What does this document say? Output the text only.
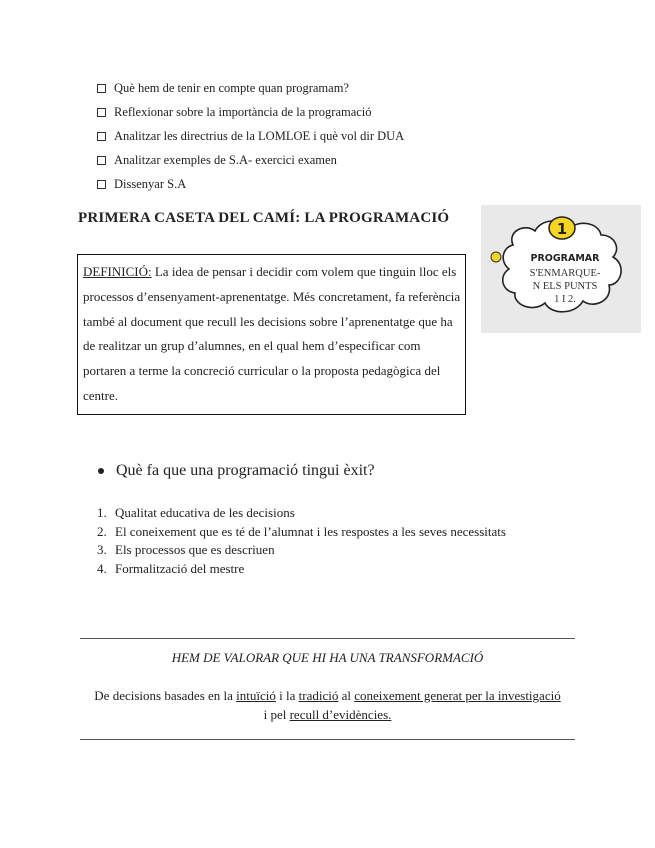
Què hem de tenir en compte quan programam?
Reflexionar sobre la importància de la programació
Analitzar les directrius de la LOMLOE i què vol dir DUA
Analitzar exemples de S.A- exercici examen
Dissenyar S.A
PRIMERA CASETA DEL CAMÍ: LA PROGRAMACIÓ
DEFINICIÓ: La idea de pensar i decidir com volem que tinguin lloc els processos d’ensenyament-aprenentatge. Més concretament, fa referència també al document que recull les decisions sobre l’aprenentatge que ha de realitzar un grup d’alumnes, en el qual hem d’especificar com portaren a terme la concreció curricular o la proposta pedagògica del centre.
1
PROGRAMAR
S'ENMARQUE-
N ELS PUNTS
1 I 2.
Què fa que una programació tingui èxit?
1. Qualitat educativa de les decisions
2. El coneixement que es té de l’alumnat i les respostes a les seves necessitats
3. Els processos que es descriuen
4. Formalització del mestre
HEM DE VALORAR QUE HI HA UNA TRANSFORMACIÓ
De decisions basades en la intuïció i la tradició al coneixement generat per la investigació i pel recull d’evidències.
